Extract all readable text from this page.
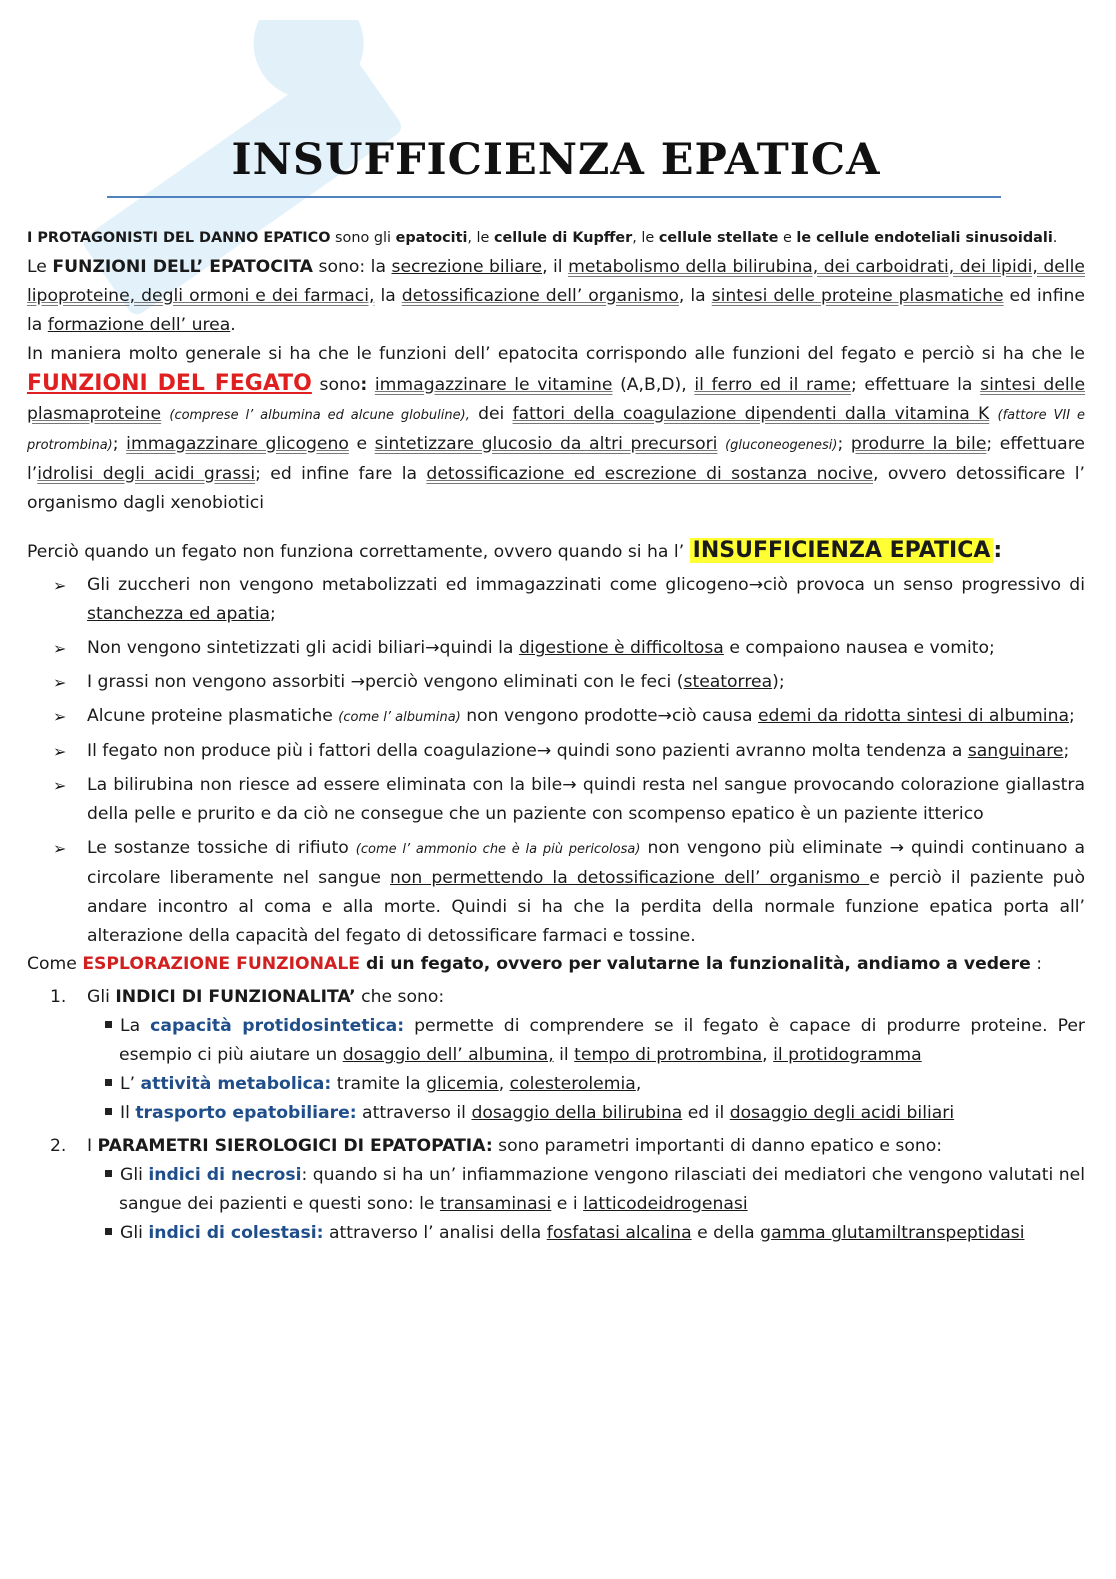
INSUFFICIENZA EPATICA

I PROTAGONISTI DEL DANNO EPATICO sono gli epatociti, le cellule di Kupffer, le cellule stellate e le cellule endoteliali sinusoidali.

Le FUNZIONI DELL’ EPATOCITA sono: la secrezione biliare, il metabolismo della bilirubina, dei carboidrati, dei lipidi, delle lipoproteine, degli ormoni e dei farmaci, la detossificazione dell’ organismo, la sintesi delle proteine plasmatiche ed infine la formazione dell’ urea.

In maniera molto generale si ha che le funzioni dell’ epatocita corrispondo alle funzioni del fegato e perciò si ha che le FUNZIONI DEL FEGATO sono: immagazzinare le vitamine (A,B,D), il ferro ed il rame; effettuare la sintesi delle plasmaproteine (comprese l’ albumina ed alcune globuline), dei fattori della coagulazione dipendenti dalla vitamina K (fattore VII e protrombina); immagazzinare glicogeno e sintetizzare glucosio da altri precursori (gluconeogenesi); produrre la bile; effettuare l’idrolisi degli acidi grassi; ed infine fare la detossificazione ed escrezione di sostanza nocive, ovvero detossificare l’ organismo dagli xenobiotici

Perciò quando un fegato non funziona correttamente, ovvero quando si ha l’ INSUFFICIENZA EPATICA :

➢ Gli zuccheri non vengono metabolizzati ed immagazzinati come glicogeno→ciò provoca un senso progressivo di stanchezza ed apatia;
➢ Non vengono sintetizzati gli acidi biliari→quindi la digestione è difficoltosa e compaiono nausea e vomito;
➢ I grassi non vengono assorbiti →perciò vengono eliminati con le feci (steatorrea);
➢ Alcune proteine plasmatiche (come l’ albumina) non vengono prodotte→ciò causa edemi da ridotta sintesi di albumina;
➢ Il fegato non produce più i fattori della coagulazione→ quindi sono pazienti avranno molta tendenza a sanguinare;
➢ La bilirubina non riesce ad essere eliminata con la bile→ quindi resta nel sangue provocando colorazione giallastra della pelle e prurito e da ciò ne consegue che un paziente con scompenso epatico è un paziente itterico
➢ Le sostanze tossiche di rifiuto (come l’ ammonio che è la più pericolosa) non vengono più eliminate → quindi continuano a circolare liberamente nel sangue non permettendo la detossificazione dell’ organismo e perciò il paziente può andare incontro al coma e alla morte. Quindi si ha che la perdita della normale funzione epatica porta all’ alterazione della capacità del fegato di detossificare farmaci e tossine.

Come ESPLORAZIONE FUNZIONALE di un fegato, ovvero per valutarne la funzionalità, andiamo a vedere :

1. Gli INDICI DI FUNZIONALITA’ che sono:
La capacità protidosintetica: permette di comprendere se il fegato è capace di produrre proteine. Per esempio ci più aiutare un dosaggio dell’ albumina, il tempo di protrombina, il protidogramma
L’ attività metabolica: tramite la glicemia, colesterolemia,
Il trasporto epatobiliare: attraverso il dosaggio della bilirubina ed il dosaggio degli acidi biliari
2. I PARAMETRI SIEROLOGICI DI EPATOPATIA: sono parametri importanti di danno epatico e sono:
Gli indici di necrosi: quando si ha un’ infiammazione vengono rilasciati dei mediatori che vengono valutati nel sangue dei pazienti e questi sono: le transaminasi e i latticodeidrogenasi
Gli indici di colestasi: attraverso l’ analisi della fosfatasi alcalina e della gamma glutamiltranspeptidasi
